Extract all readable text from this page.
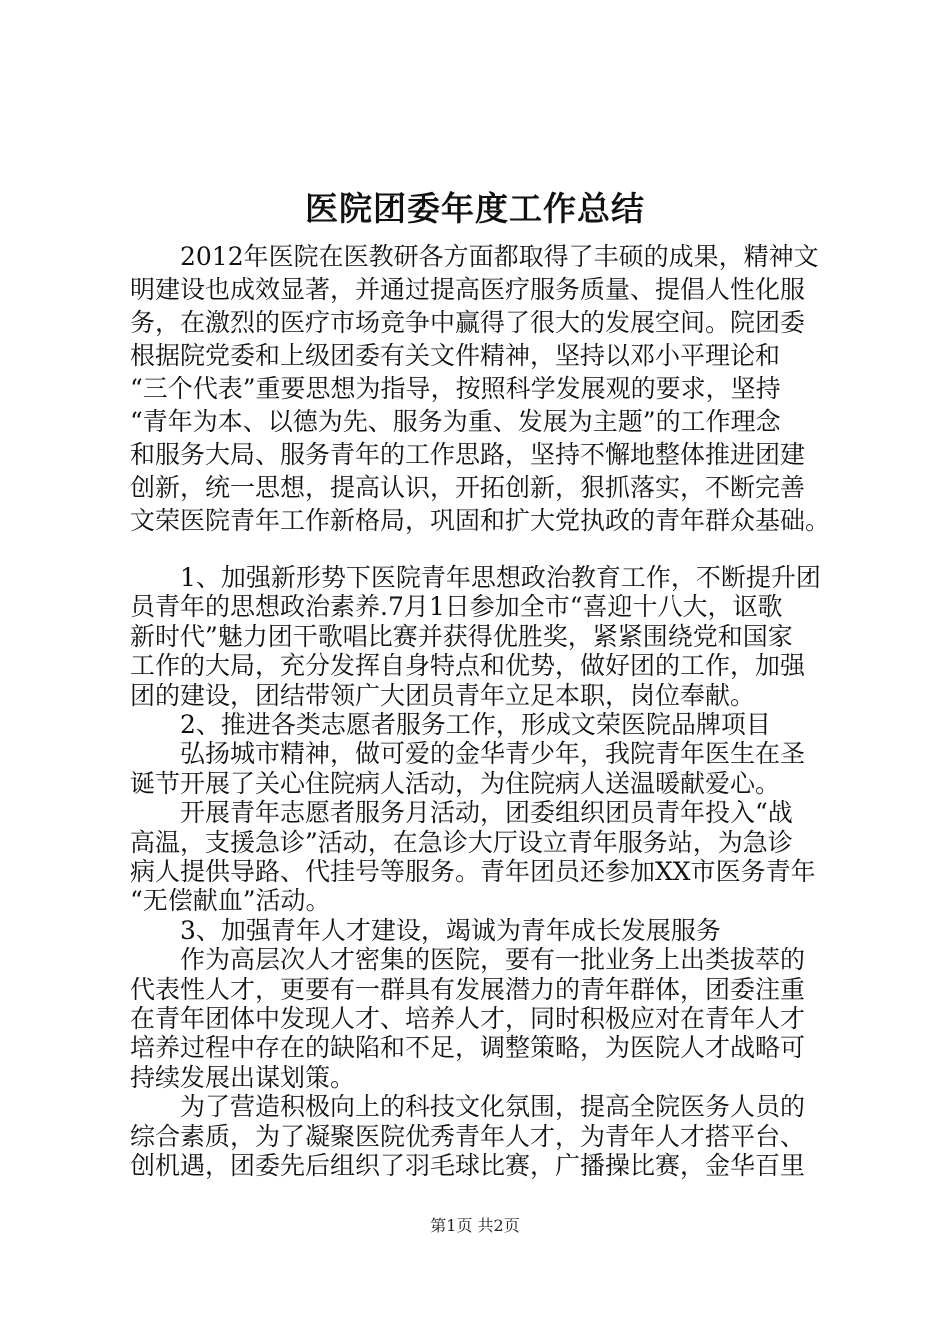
医院团委年度工作总结
　　2012年医院在医教研各方面都取得了丰硕的成果，精神文
明建设也成效显著，并通过提高医疗服务质量、提倡人性化服
务，在激烈的医疗市场竞争中赢得了很大的发展空间。院团委
根据院党委和上级团委有关文件精神，坚持以邓小平理论和
“三个代表”重要思想为指导，按照科学发展观的要求，坚持
“青年为本、以德为先、服务为重、发展为主题”的工作理念
和服务大局、服务青年的工作思路，坚持不懈地整体推进团建
创新，统一思想，提高认识，开拓创新，狠抓落实，不断完善
文荣医院青年工作新格局，巩固和扩大党执政的青年群众基础。
　　1、加强新形势下医院青年思想政治教育工作，不断提升团
员青年的思想政治素养.7月1日参加全市“喜迎十八大，讴歌
新时代”魅力团干歌唱比赛并获得优胜奖，紧紧围绕党和国家
工作的大局，充分发挥自身特点和优势，做好团的工作，加强
团的建设，团结带领广大团员青年立足本职，岗位奉献。
　　2、推进各类志愿者服务工作，形成文荣医院品牌项目
　　弘扬城市精神，做可爱的金华青少年，我院青年医生在圣
诞节开展了关心住院病人活动，为住院病人送温暖献爱心。
　　开展青年志愿者服务月活动，团委组织团员青年投入“战
高温，支援急诊”活动，在急诊大厅设立青年服务站，为急诊
病人提供导路、代挂号等服务。青年团员还参加XX市医务青年
“无偿献血”活动。
　　3、加强青年人才建设，竭诚为青年成长发展服务
　　作为高层次人才密集的医院，要有一批业务上出类拔萃的
代表性人才，更要有一群具有发展潜力的青年群体，团委注重
在青年团体中发现人才、培养人才，同时积极应对在青年人才
培养过程中存在的缺陷和不足，调整策略，为医院人才战略可
持续发展出谋划策。
　　为了营造积极向上的科技文化氛围，提高全院医务人员的
综合素质，为了凝聚医院优秀青年人才，为青年人才搭平台、
创机遇，团委先后组织了羽毛球比赛，广播操比赛，金华百里
第1页 共2页
